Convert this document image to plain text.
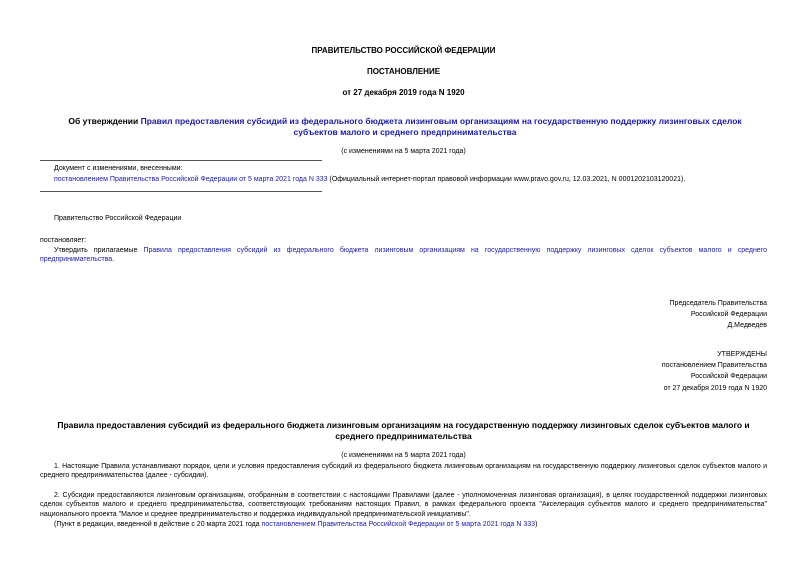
ПРАВИТЕЛЬСТВО РОССИЙСКОЙ ФЕДЕРАЦИИ
ПОСТАНОВЛЕНИЕ
от 27 декабря 2019 года N 1920
Об утверждении Правил предоставления субсидий из федерального бюджета лизинговым организациям на государственную поддержку лизинговых сделок субъектов малого и среднего предпринимательства
(с изменениями на 5 марта 2021 года)
Документ с изменениями, внесенными:
постановлением Правительства Российской Федерации от 5 марта 2021 года N 333 (Официальный интернет-портал правовой информации www.pravo.gov.ru, 12.03.2021, N 0001202103120021).
Правительство Российской Федерации
постановляет:
Утвердить прилагаемые Правила предоставления субсидий из федерального бюджета лизинговым организациям на государственную поддержку лизинговых сделок субъектов малого и среднего предпринимательства.
Председатель Правительства
Российской Федерации
Д.Медведев
УТВЕРЖДЕНЫ
постановлением Правительства
Российской Федерации
от 27 декабря 2019 года N 1920
Правила предоставления субсидий из федерального бюджета лизинговым организациям на государственную поддержку лизинговых сделок субъектов малого и среднего предпринимательства
(с изменениями на 5 марта 2021 года)
1. Настоящие Правила устанавливают порядок, цели и условия предоставления субсидий из федерального бюджета лизинговым организациям на государственную поддержку лизинговых сделок субъектов малого и среднего предпринимательства (далее - субсидии).
2. Субсидии предоставляются лизинговым организациям, отобранным в соответствии с настоящими Правилами (далее - уполномоченная лизинговая организация), в целях государственной поддержки лизинговых сделок субъектов малого и среднего предпринимательства, соответствующих требованиям настоящих Правил, в рамках федерального проекта "Акселерация субъектов малого и среднего предпринимательства" национального проекта "Малое и среднее предпринимательство и поддержка индивидуальной предпринимательской инициативы".
(Пункт в редакции, введенной в действие с 20 марта 2021 года постановлением Правительства Российской Федерации от 5 марта 2021 года N 333)
